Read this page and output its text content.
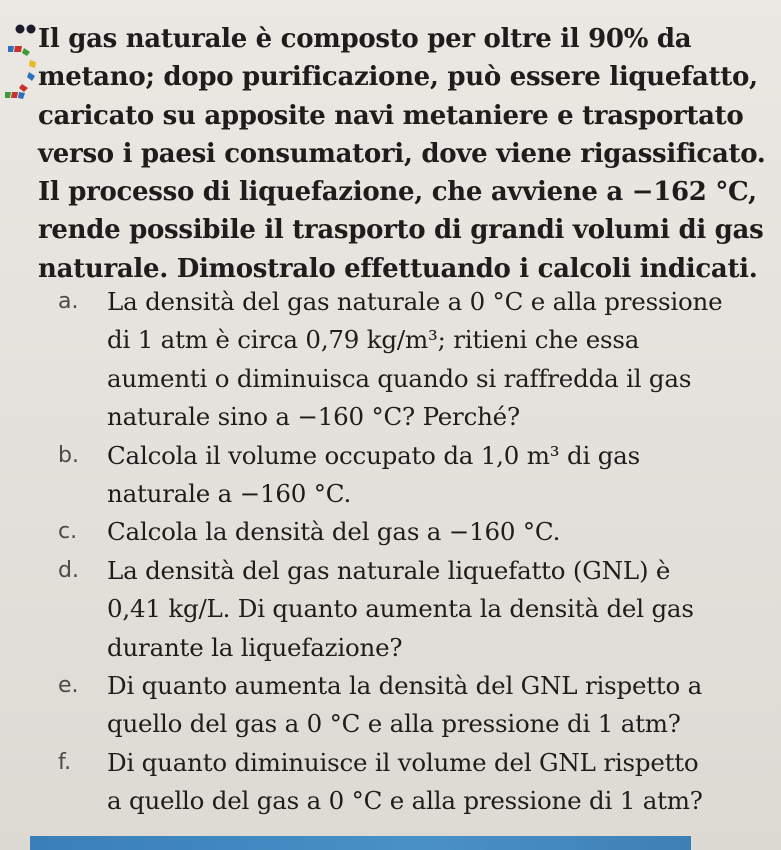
Il gas naturale è composto per oltre il 90% da
metano; dopo purificazione, può essere liquefatto,
caricato su apposite navi metaniere e trasportato
verso i paesi consumatori, dove viene rigassificato.
Il processo di liquefazione, che avviene a −162 °C,
rende possibile il trasporto di grandi volumi di gas
naturale. Dimostralo effettuando i calcoli indicati.
a. La densità del gas naturale a 0 °C e alla pressione
di 1 atm è circa 0,79 kg/m³; ritieni che essa
aumenti o diminuisca quando si raffredda il gas
naturale sino a −160 °C? Perché?
b. Calcola il volume occupato da 1,0 m³ di gas
naturale a −160 °C.
c. Calcola la densità del gas a −160 °C.
d. La densità del gas naturale liquefatto (GNL) è
0,41 kg/L. Di quanto aumenta la densità del gas
durante la liquefazione?
e. Di quanto aumenta la densità del GNL rispetto a
quello del gas a 0 °C e alla pressione di 1 atm?
f. Di quanto diminuisce il volume del GNL rispetto
a quello del gas a 0 °C e alla pressione di 1 atm?
